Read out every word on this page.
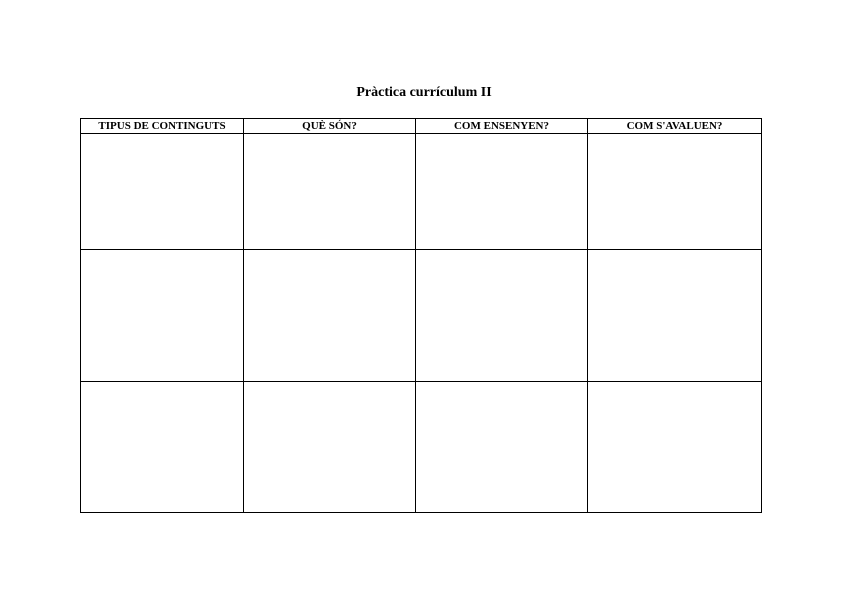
Pràctica currículum II
TIPUS DE CONTINGUTS	QUÈ SÓN?	COM ENSENYEN?	COM S'AVALUEN?
